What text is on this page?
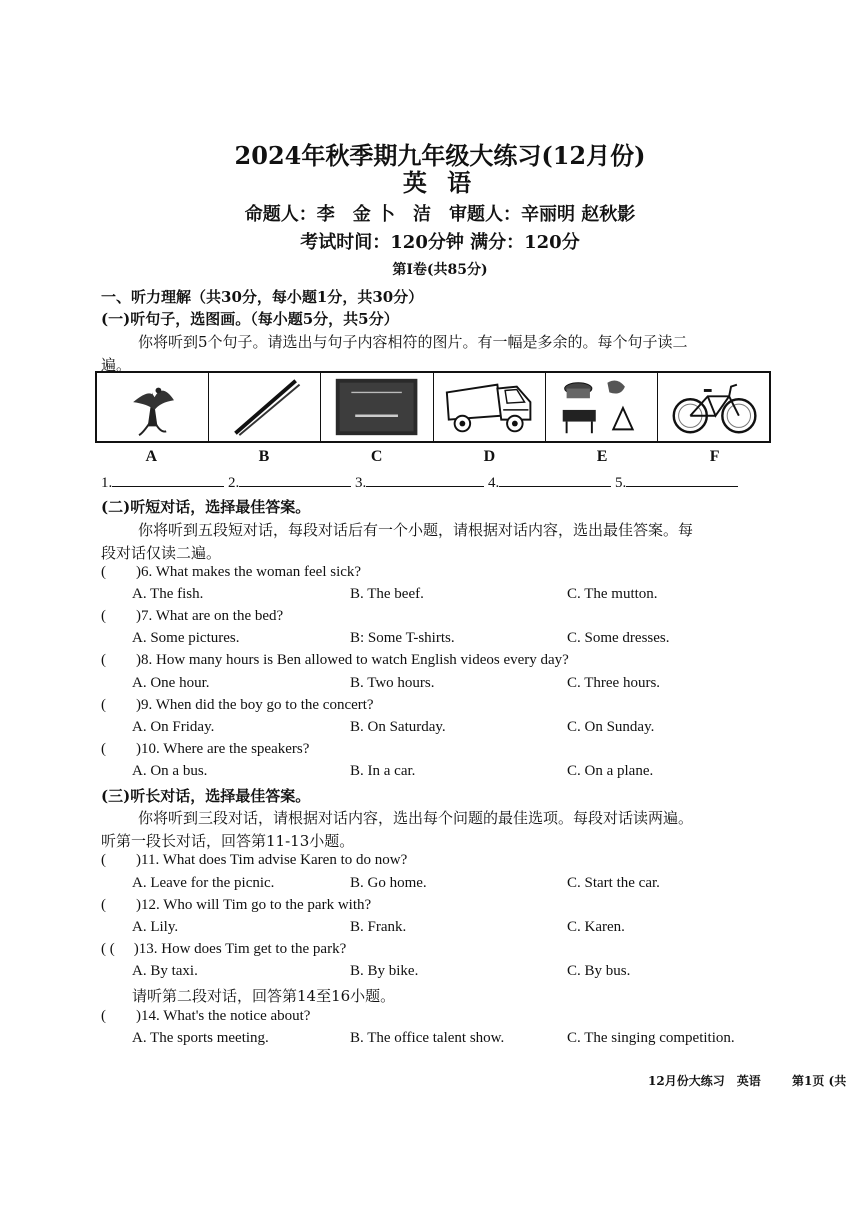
2024年秋季期九年级大练习(12月份)
英 语
命题人：李　金 卜　洁　审题人：辛丽明 赵秋影
考试时间：120分钟 满分：120分
第Ⅰ卷(共85分)
一、听力理解（共30分，每小题1分，共30分）
(一)听句子，选图画。（每小题5分，共5分）
你将听到5个句子。请选出与句子内容相符的图片。有一幅是多余的。每个句子读二
遍。
A	B	C	D	E	F
1.	2.	3.	4.	5.
(二)听短对话，选择最佳答案。
你将听到五段短对话，每段对话后有一个小题，请根据对话内容，选出最佳答案。每
段对话仅读二遍。
( )6. What makes the woman feel sick?
A. The fish.	B. The beef.	C. The mutton.
( )7. What are on the bed?
A. Some pictures.	B: Some T-shirts.	C. Some dresses.
( )8. How many hours is Ben allowed to watch English videos every day?
A. One hour.	B. Two hours.	C. Three hours.
( )9. When did the boy go to the concert?
A. On Friday.	B. On Saturday.	C. On Sunday.
( )10. Where are the speakers?
A. On a bus.	B. In a car.	C. On a plane.
(三)听长对话，选择最佳答案。
你将听到三段对话，请根据对话内容，选出每个问题的最佳选项。每段对话读两遍。
听第一段长对话，回答第11-13小题。
( )11. What does Tim advise Karen to do now?
A. Leave for the picnic.	B. Go home.	C. Start the car.
( )12. Who will Tim go to the park with?
A. Lily.	B. Frank.	C. Karen.
( ( )13. How does Tim get to the park?
A. By taxi.	B. By bike.	C. By bus.
请听第二段对话，回答第14至16小题。
( )14. What's the notice about?
A. The sports meeting.	B. The office talent show.	C. The singing competition.
12月份大练习　英语	第1页 (共
